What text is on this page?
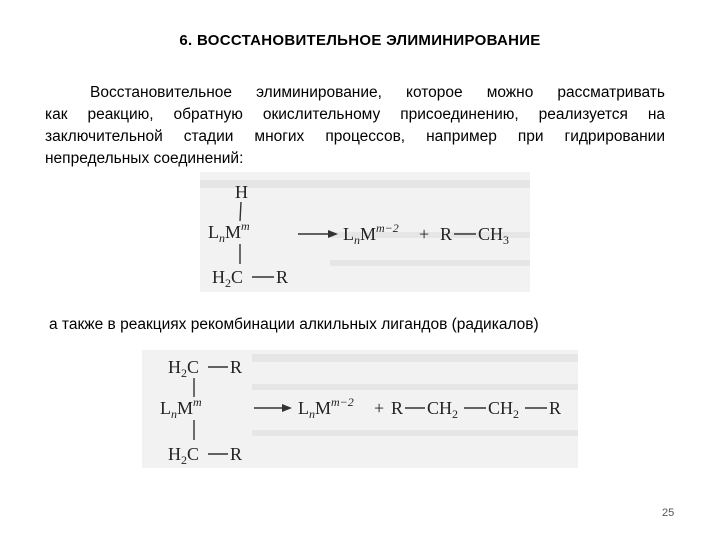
6. ВОССТАНОВИТЕЛЬНОЕ ЭЛИМИНИРОВАНИЕ
Восстановительное элиминирование, которое можно рассматривать
как реакцию, обратную окислительному присоединению, реализуется на
заключительной стадии многих процессов, например при гидрировании
непредельных соединений:
H
$L_nM^m$
$H_2C$ R
$L_nM^{m-2} + R$ $CH_3$
а также в реакциях рекомбинации алкильных лигандов (радикалов)
$H_2C$ R
$L_nM^m$
$H_2C$ R
$L_nM^{m-2} + R$ $CH_2$ $CH_2$ R
25
